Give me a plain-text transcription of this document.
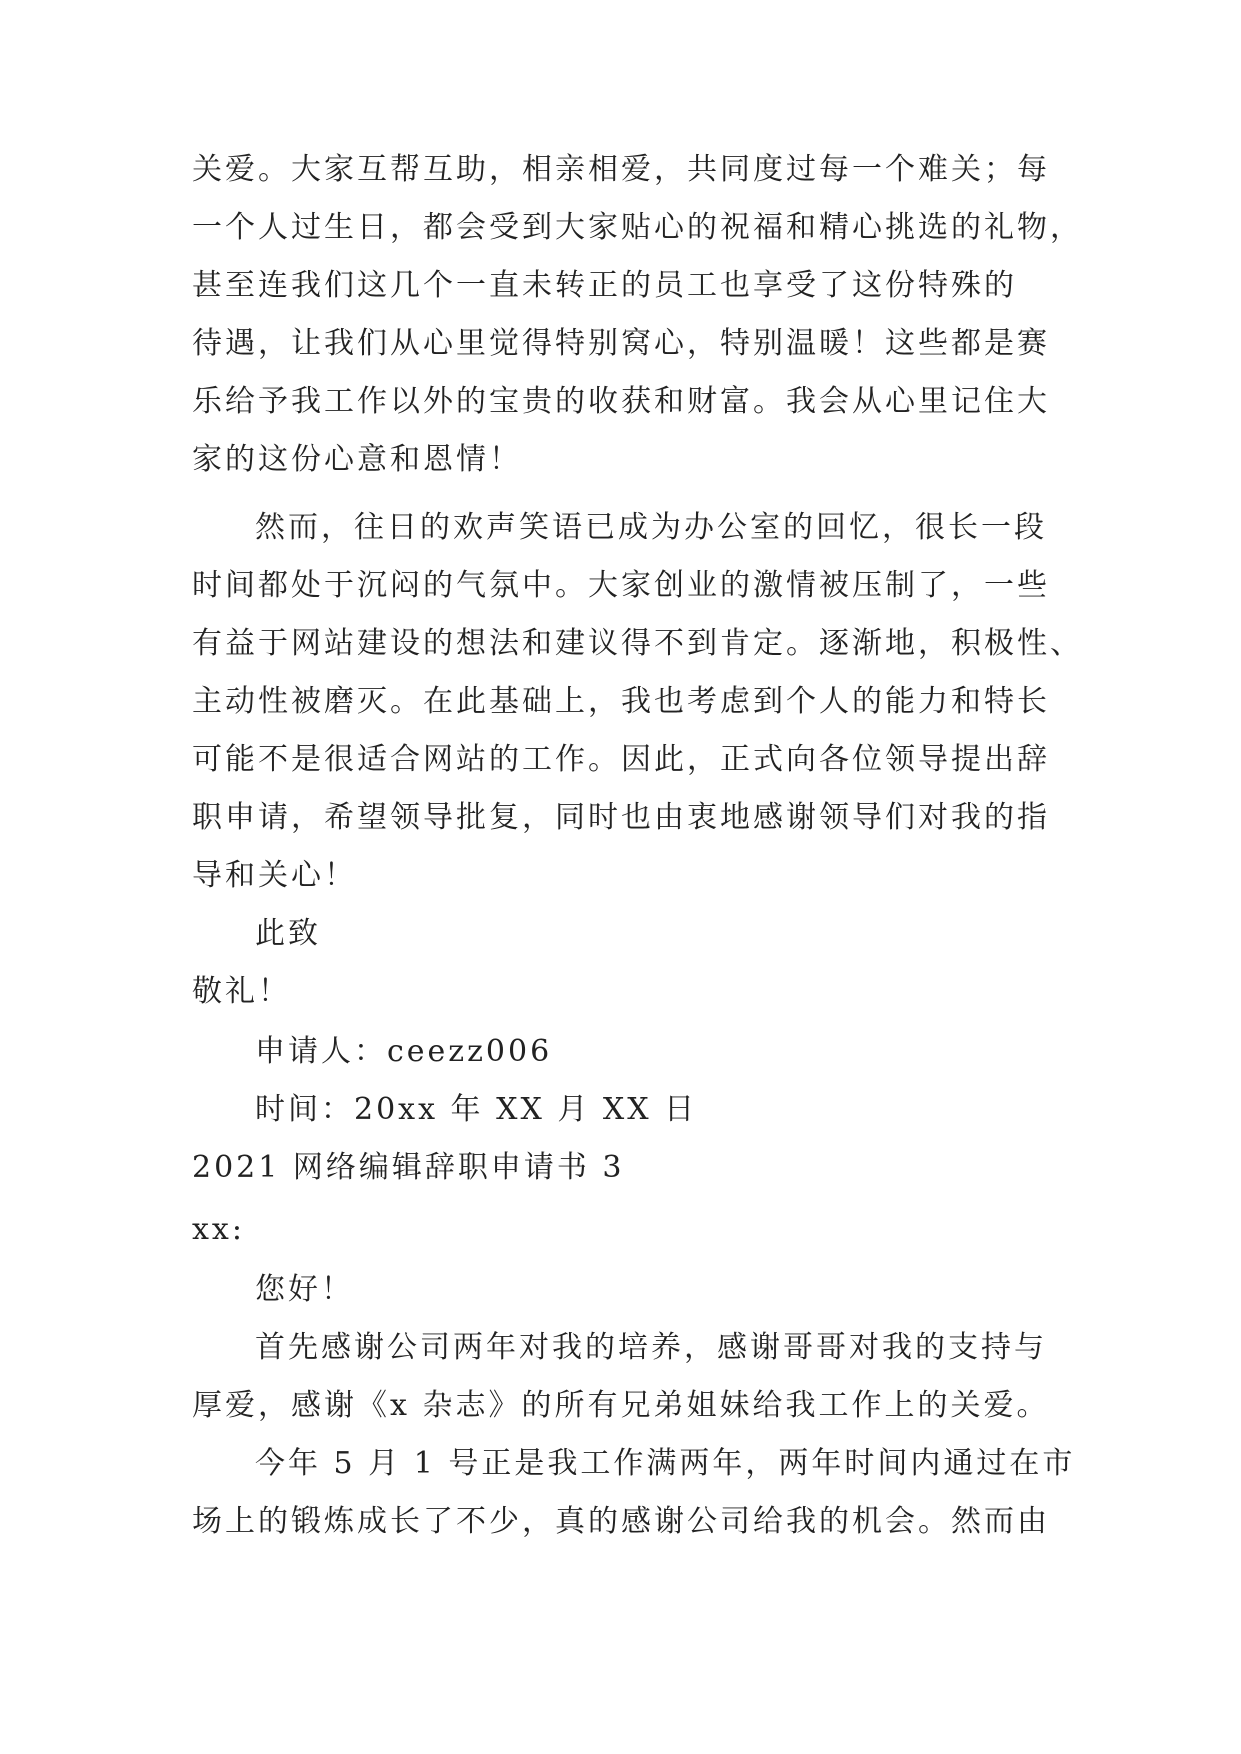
关爱。大家互帮互助，相亲相爱，共同度过每一个难关；每
一个人过生日，都会受到大家贴心的祝福和精心挑选的礼物，
甚至连我们这几个一直未转正的员工也享受了这份特殊的
待遇，让我们从心里觉得特别窝心，特别温暖！这些都是赛
乐给予我工作以外的宝贵的收获和财富。我会从心里记住大
家的这份心意和恩情！
然而，往日的欢声笑语已成为办公室的回忆，很长一段
时间都处于沉闷的气氛中。大家创业的激情被压制了，一些
有益于网站建设的想法和建议得不到肯定。逐渐地，积极性、
主动性被磨灭。在此基础上，我也考虑到个人的能力和特长
可能不是很适合网站的工作。因此，正式向各位领导提出辞
职申请，希望领导批复，同时也由衷地感谢领导们对我的指
导和关心！
此致
敬礼！
申请人：ceezz006
时间：20xx 年 XX 月 XX 日
2021 网络编辑辞职申请书 3
xx:
您好！
首先感谢公司两年对我的培养，感谢哥哥对我的支持与
厚爱，感谢《x 杂志》的所有兄弟姐妹给我工作上的关爱。
今年 5 月 1 号正是我工作满两年，两年时间内通过在市
场上的锻炼成长了不少，真的感谢公司给我的机会。然而由
